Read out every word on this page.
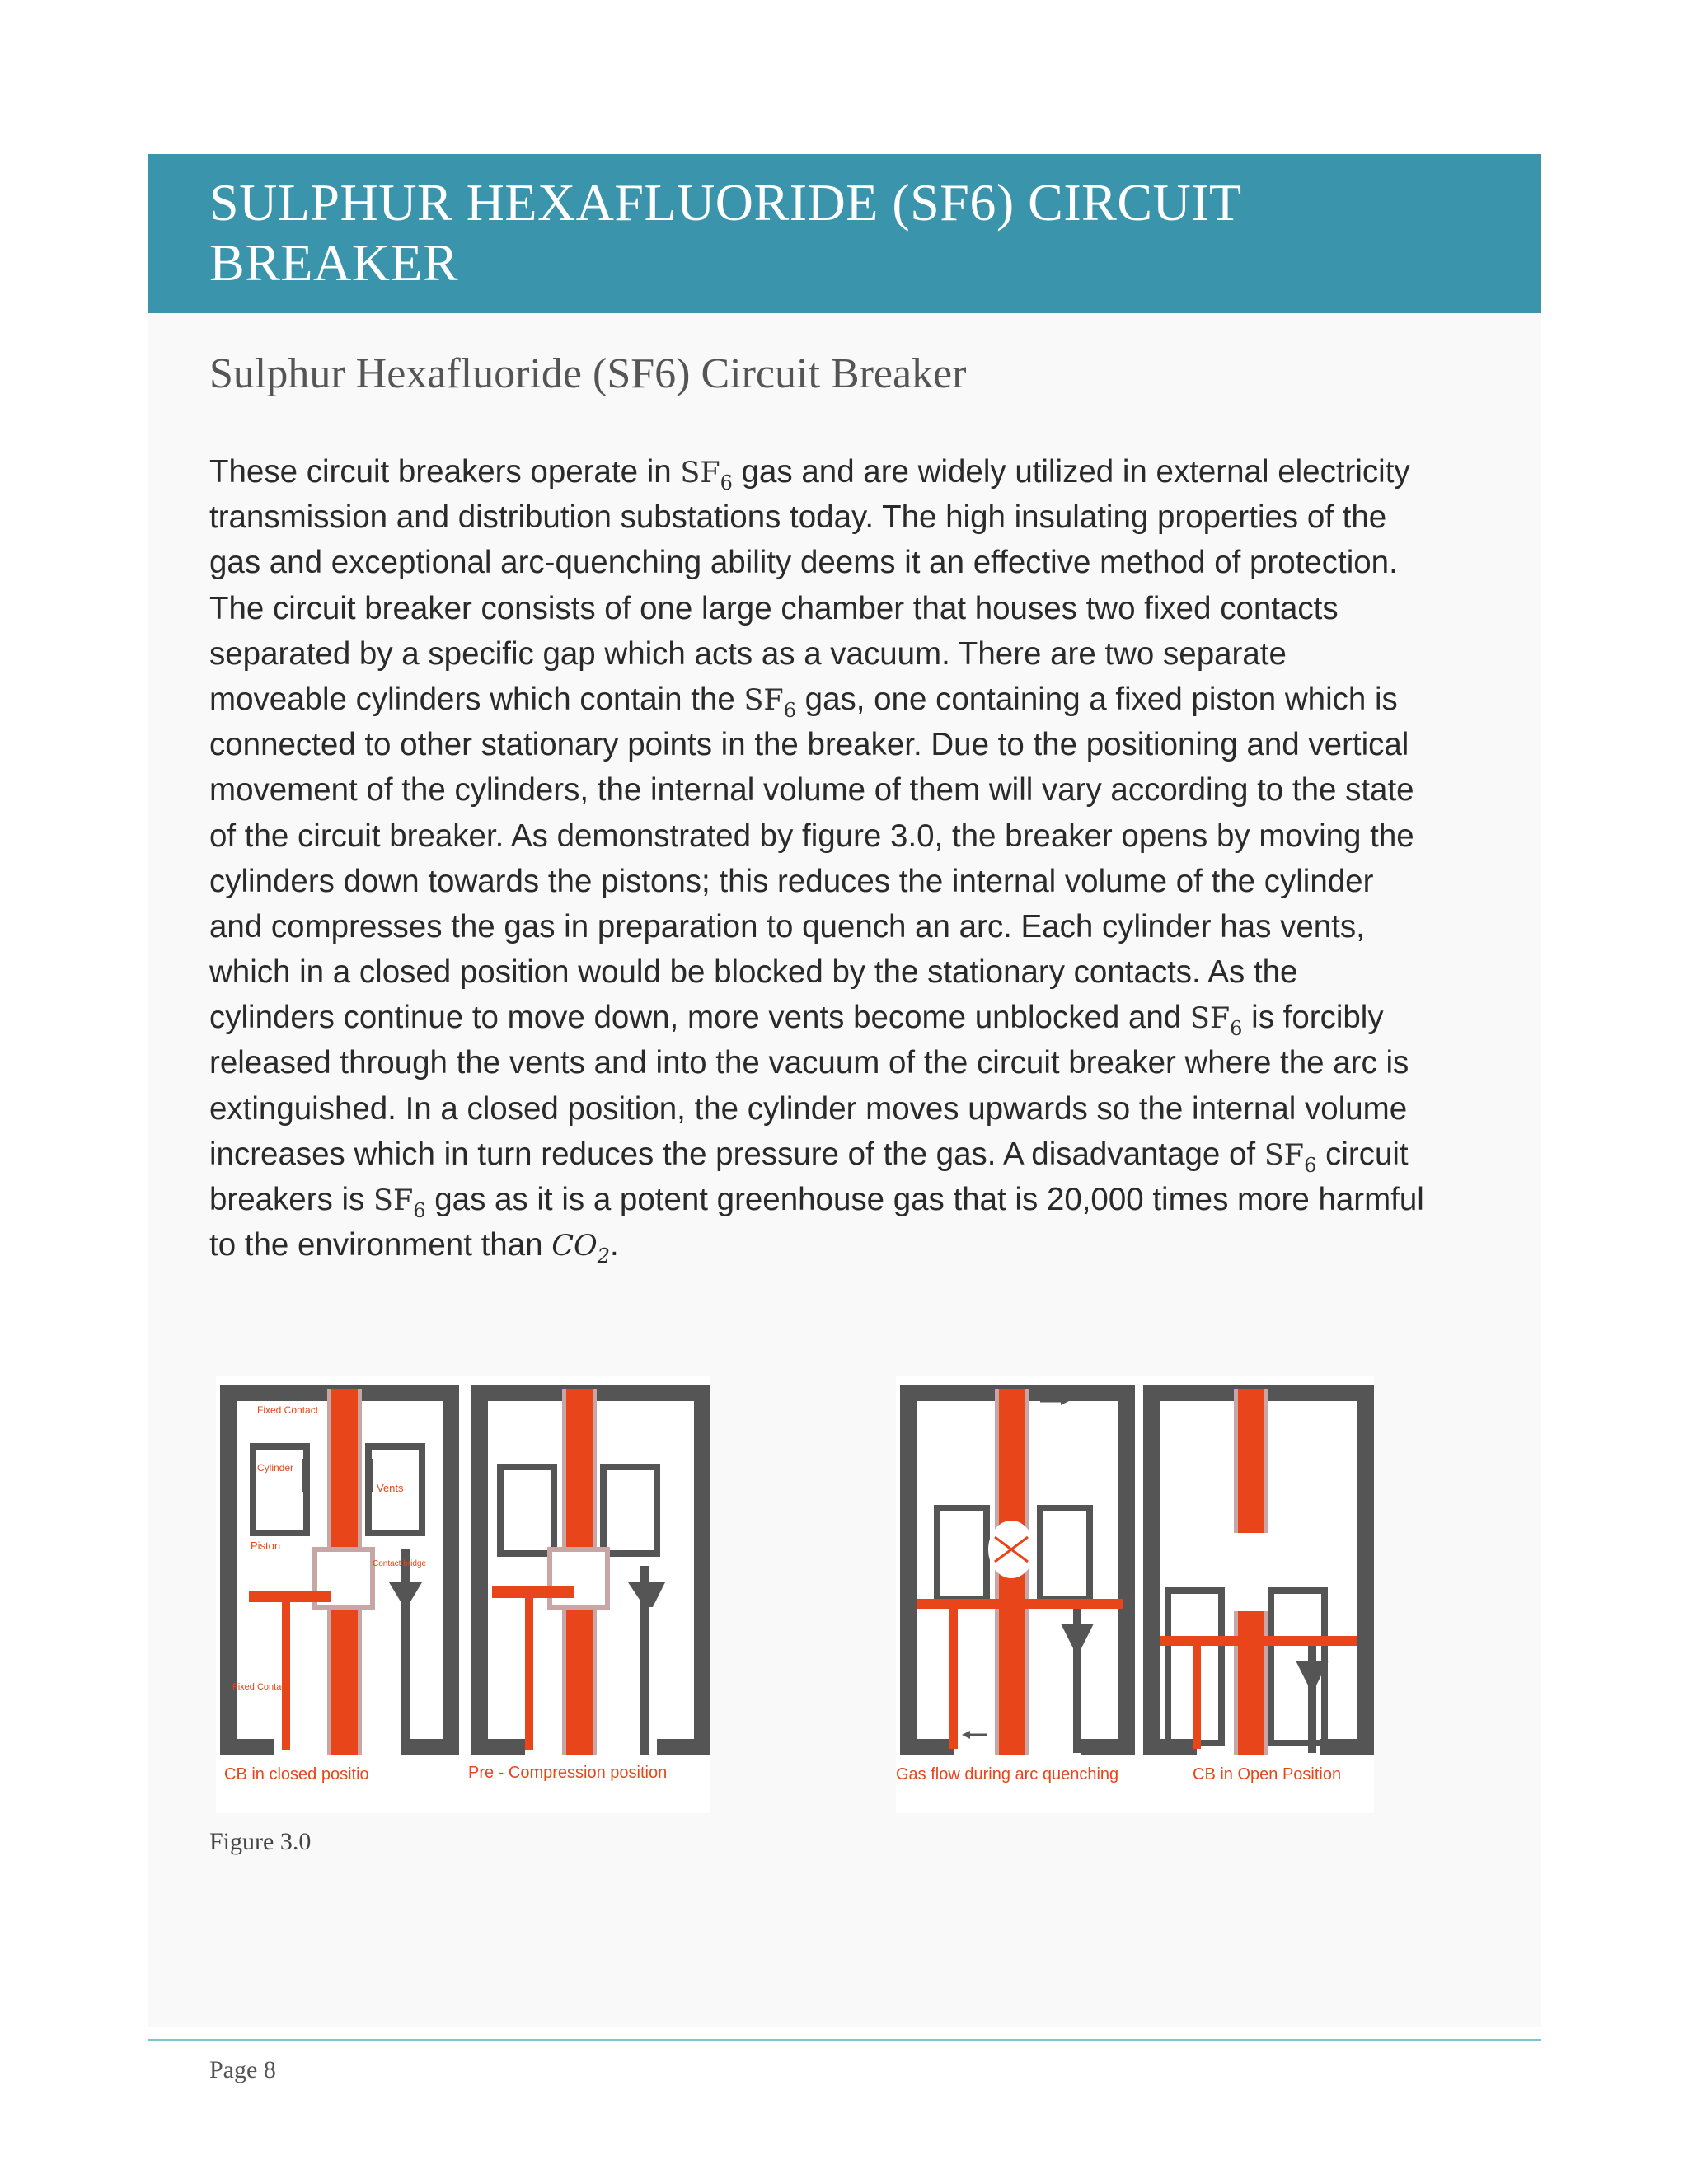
SULPHUR HEXAFLUORIDE (SF6) CIRCUIT
BREAKER
Sulphur Hexafluoride (SF6) Circuit Breaker
These circuit breakers operate in $SF_6$ gas and are widely utilized in external electricity
transmission and distribution substations today. The high insulating properties of the
gas and exceptional arc-quenching ability deems it an effective method of protection.
The circuit breaker consists of one large chamber that houses two fixed contacts
separated by a specific gap which acts as a vacuum. There are two separate
moveable cylinders which contain the $SF_6$ gas, one containing a fixed piston which is
connected to other stationary points in the breaker. Due to the positioning and vertical
movement of the cylinders, the internal volume of them will vary according to the state
of the circuit breaker. As demonstrated by figure 3.0, the breaker opens by moving the
cylinders down towards the pistons; this reduces the internal volume of the cylinder
and compresses the gas in preparation to quench an arc. Each cylinder has vents,
which in a closed position would be blocked by the stationary contacts. As the
cylinders continue to move down, more vents become unblocked and $SF_6$ is forcibly
released through the vents and into the vacuum of the circuit breaker where the arc is
extinguished. In a closed position, the cylinder moves upwards so the internal volume
increases which in turn reduces the pressure of the gas. A disadvantage of $SF_6$ circuit
breakers is $SF_6$ gas as it is a potent greenhouse gas that is 20,000 times more harmful
to the environment than $CO_2$.
Fixed Contact
Cylinder
Vents
Piston
Contact bridge
Fixed Contact
CB in closed positio	Pre - Compression position	Gas flow during arc quenching	CB in Open Position
Figure 3.0
Page 8
